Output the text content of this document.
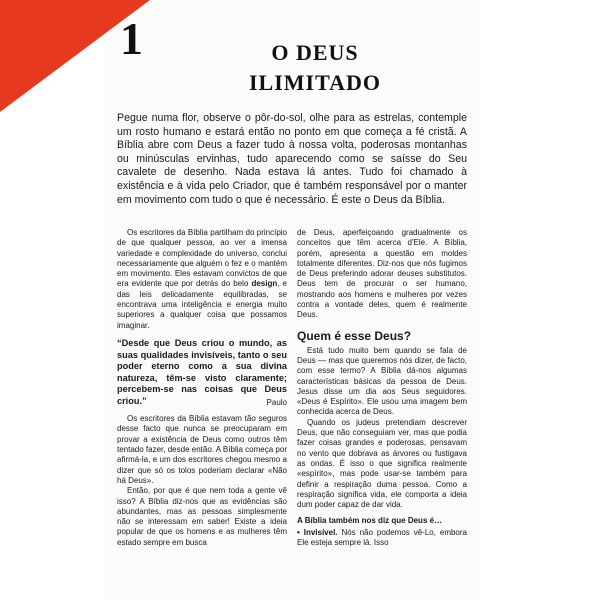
1	O DEUS
ILIMITADO

Pegue numa flor, observe o pôr-do-sol, olhe para as estrelas, contemple um rosto humano e estará então no ponto em que começa a fé cristã. A Bíblia abre com Deus a fazer tudo à nossa volta, poderosas montanhas ou minúsculas ervinhas, tudo aparecendo como se saísse do Seu cavalete de desenho. Nada estava lá antes. Tudo foi chamado à existência e à vida pelo Criador, que é também responsável por o manter em movimento com tudo o que é necessário. É este o Deus da Bíblia.

Os escritores da Bíblia partilham do princípio de que qualquer pessoa, ao ver a imensa variedade e complexidade do universo, conclui necessariamente que alguém o fez e o mantém em movimento. Eles estavam convictos de que era evidente que por detrás do belo design, e das leis delicadamente equilibradas, se encontrava uma inteligência e energia muito superiores a qualquer coisa que possamos imaginar.

“Desde que Deus criou o mundo, as suas qualidades invisíveis, tanto o seu poder eterno como a sua divina natureza, têm-se visto claramente; percebem-se nas coisas que Deus criou.”	Paulo

Os escritores da Bíblia estavam tão seguros desse facto que nunca se preocuparam em provar a existência de Deus como outros têm tentado fazer, desde então. A Bíblia começa por afirmá-la, e um dos escritores chegou mesmo a dizer que só os tolos poderiam declarar «Não há Deus».

Então, por que é que nem toda a gente vê isso? A Bíblia diz-nos que as evidências são abundantes, mas as pessoas simplesmente não se interessam em saber! Existe a ideia popular de que os homens e as mulheres têm estado sempre em busca

de Deus, aperfeiçoando gradualmente os conceitos que têm acerca d'Ele. A Bíblia, porém, apresenta a questão em moldes totalmente diferentes. Diz-nos que nós fugimos de Deus preferindo adorar deuses substitutos. Deus tem de procurar o ser humano, mostrando aos homens e mulheres por vezes contra a vontade deles, quem é realmente Deus.

Quem é esse Deus?

Está tudo muito bem quando se fala de Deus — mas que queremos nós dizer, de facto, com esse termo? A Bíblia dá-nos algumas características básicas da pessoa de Deus. Jesus disse um dia aos Seus seguidores. «Deus é Espírito». Ele usou uma imagem bem conhecida acerca de Deus.

Quando os judeus pretendiam descrever Deus, que não conseguiam ver, mas que podia fazer coisas grandes e poderosas, pensavam no vento que dobrava as árvores ou fustigava as ondas. É isso o que significa realmente «espírito», mas pode usar-se também para definir a respiração duma pessoa. Como a respiração significa vida, ele comporta a ideia dum poder capaz de dar vida.

A Bíblia também nos diz que Deus é…

• Invisível. Nós não podemos vê-Lo, embora Ele esteja sempre lá. Isso
